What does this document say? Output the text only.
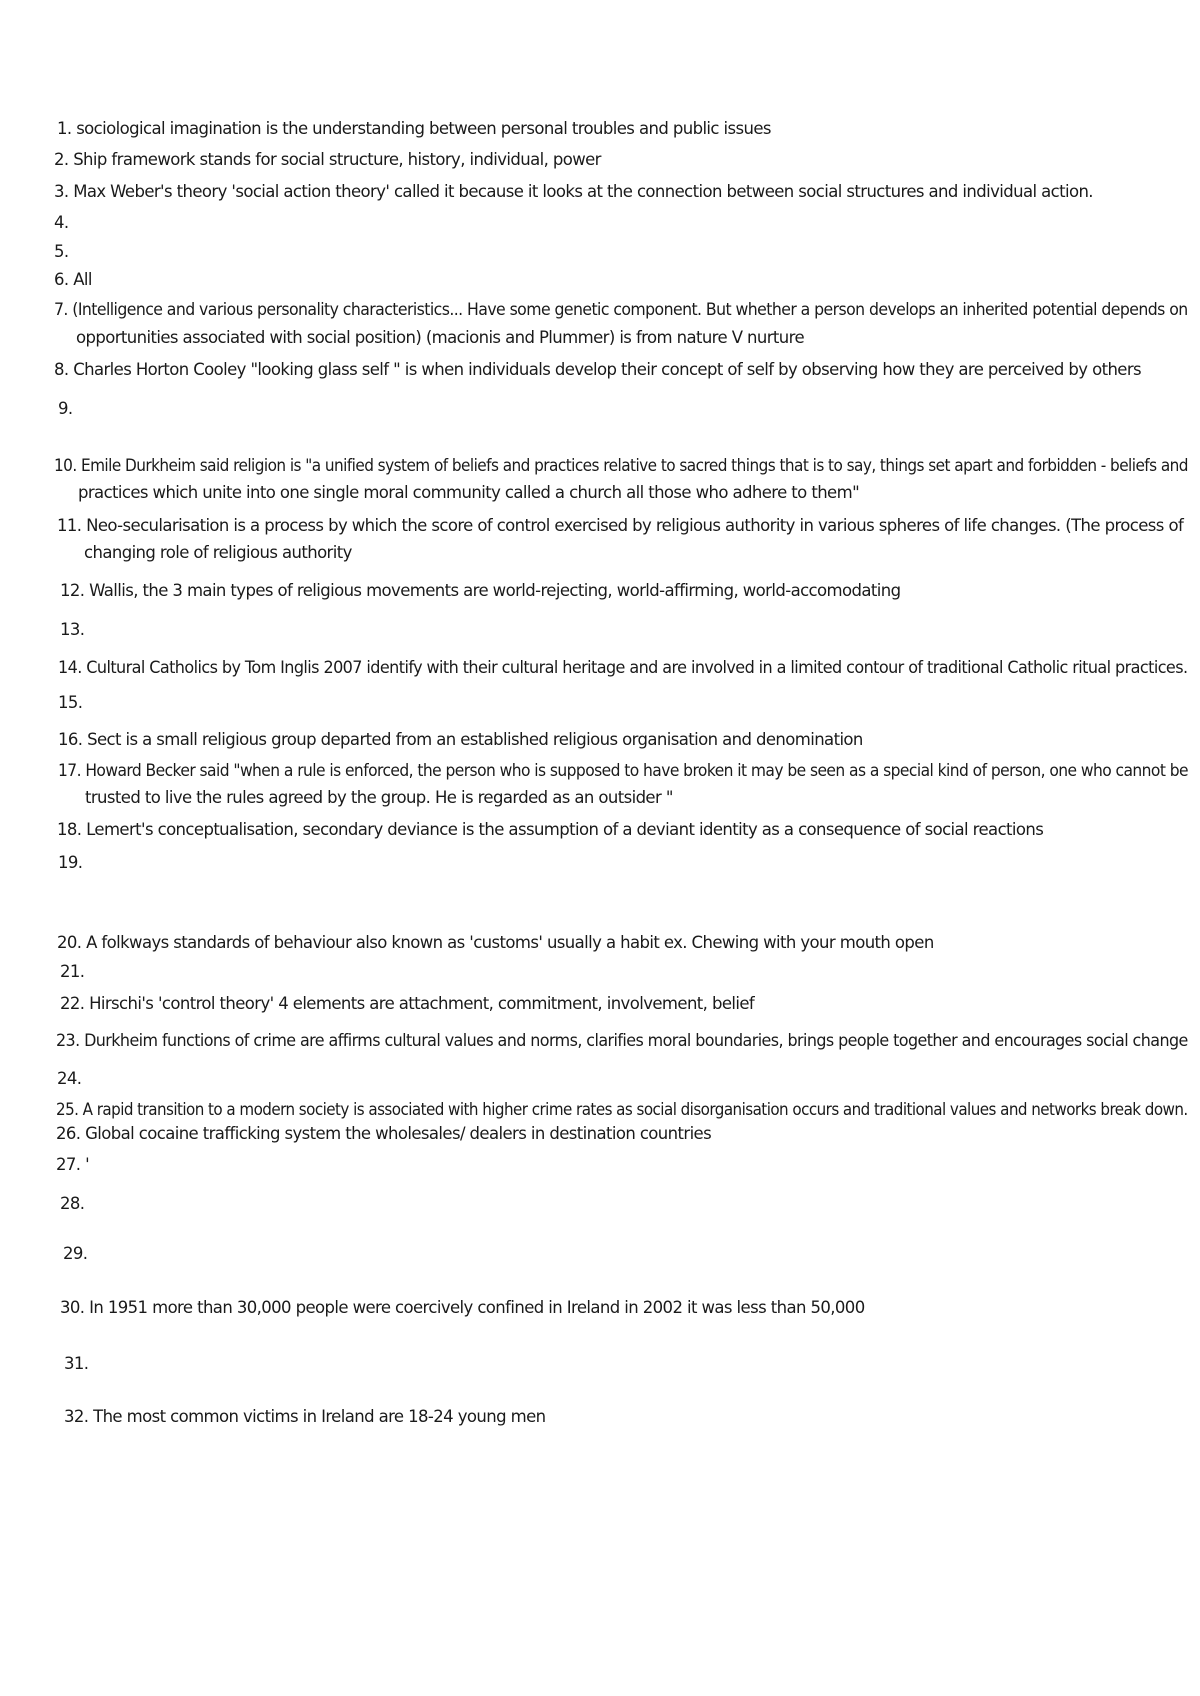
1. sociological imagination is the understanding between personal troubles and public issues
2. Ship framework stands for social structure, history, individual, power
3. Max Weber's theory 'social action theory' called it because it looks at the connection between social structures and individual action.
4.
5.
6. All
7. (Intelligence and various personality characteristics... Have some genetic component. But whether a person develops an inherited potential depends on
opportunities associated with social position) (macionis and Plummer) is from nature V nurture
8. Charles Horton Cooley "looking glass self " is when individuals develop their concept of self by observing how they are perceived by others
9.
10. Emile Durkheim said religion is "a unified system of beliefs and practices relative to sacred things that is to say, things set apart and forbidden - beliefs and
practices which unite into one single moral community called a church all those who adhere to them"
11. Neo-secularisation is a process by which the score of control exercised by religious authority in various spheres of life changes. (The process of
changing role of religious authority
12. Wallis, the 3 main types of religious movements are world-rejecting, world-affirming, world-accomodating
13.
14. Cultural Catholics by Tom Inglis 2007 identify with their cultural heritage and are involved in a limited contour of traditional Catholic ritual practices.
15.
16. Sect is a small religious group departed from an established religious organisation and denomination
17. Howard Becker said "when a rule is enforced, the person who is supposed to have broken it may be seen as a special kind of person, one who cannot be
trusted to live the rules agreed by the group. He is regarded as an outsider "
18. Lemert's conceptualisation, secondary deviance is the assumption of a deviant identity as a consequence of social reactions
19.
20. A folkways standards of behaviour also known as 'customs' usually a habit ex. Chewing with your mouth open
21.
22. Hirschi's 'control theory' 4 elements are attachment, commitment, involvement, belief
23. Durkheim functions of crime are affirms cultural values and norms, clarifies moral boundaries, brings people together and encourages social change
24.
25. A rapid transition to a modern society is associated with higher crime rates as social disorganisation occurs and traditional values and networks break down.
26. Global cocaine trafficking system the wholesales/ dealers in destination countries
27. '
28.
29.
30. In 1951 more than 30,000 people were coercively confined in Ireland in 2002 it was less than 50,000
31.
32. The most common victims in Ireland are 18-24 young men
